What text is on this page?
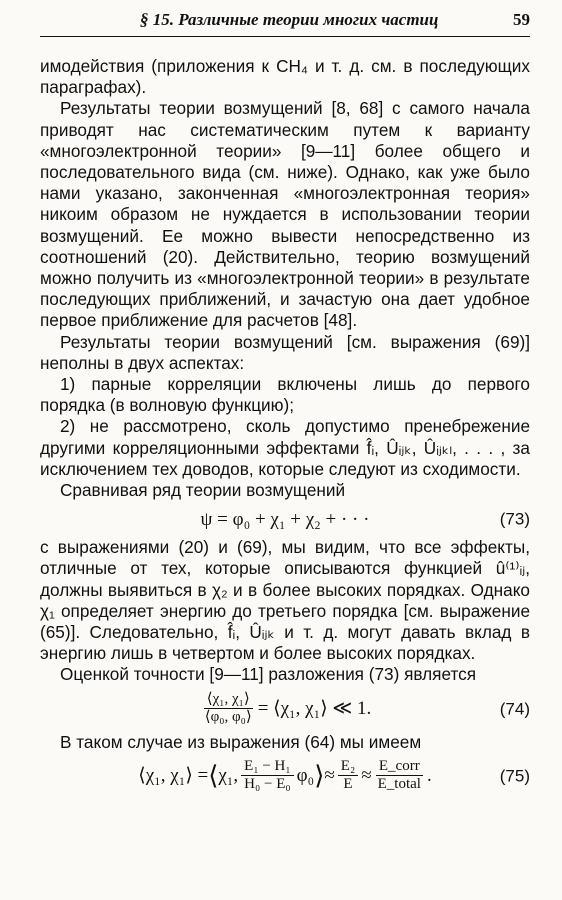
§ 15. Различные теории многих частиц	59

имодействия (приложения к CH₄ и т. д. см. в последующих параграфах).

Результаты теории возмущений [8, 68] с самого начала приводят нас систематическим путем к варианту «многоэлектронной теории» [9—11] более общего и последовательного вида (см. ниже). Однако, как уже было нами указано, законченная «многоэлектронная теория» никоим образом не нуждается в использовании теории возмущений. Ее можно вывести непосредственно из соотношений (20). Действительно, теорию возмущений можно получить из «многоэлектронной теории» в результате последующих приближений, и зачастую она дает удобное первое приближение для расчетов [48].

Результаты теории возмущений [см. выражения (69)] неполны в двух аспектах:

1) парные корреляции включены лишь до первого порядка (в волновую функцию);

2) не рассмотрено, сколь допустимо пренебрежение другими корреляционными эффектами f̂ᵢ, Ûᵢⱼₖ, Ûᵢⱼₖₗ, . . . , за исключением тех доводов, которые следуют из сходимости.

Сравнивая ряд теории возмущений

ψ = φ₀ + χ₁ + χ₂ + · · ·	(73)

с выражениями (20) и (69), мы видим, что все эффекты, отличные от тех, которые описываются функцией û⁽¹⁾ᵢⱼ, должны выявиться в χ₂ и в более высоких порядках. Однако χ₁ определяет энергию до третьего порядка [см. выражение (65)]. Следовательно, f̂ᵢ, Ûᵢⱼₖ и т. д. могут давать вклад в энергию лишь в четвертом и более высоких порядках.

Оценкой точности [9—11] разложения (73) является

$\frac{\text{⟨χ₁, χ₁⟩}}{\text{⟨φ₀, φ₀⟩}}$ = ⟨χ₁, χ₁⟩ ≪ 1.	(74)

В таком случае из выражения (64) мы имеем

⟨χ₁, χ₁⟩ = ⟨ χ₁, $\frac{\text{E₁ − H₁}}{\text{H₀ − E₀}} \varphi_0$ ⟩ ≈ $\frac{\text{E₂}}{E} \approx \frac{\text{E\_corr}}{\text{E\_total}}$ .	(75)
